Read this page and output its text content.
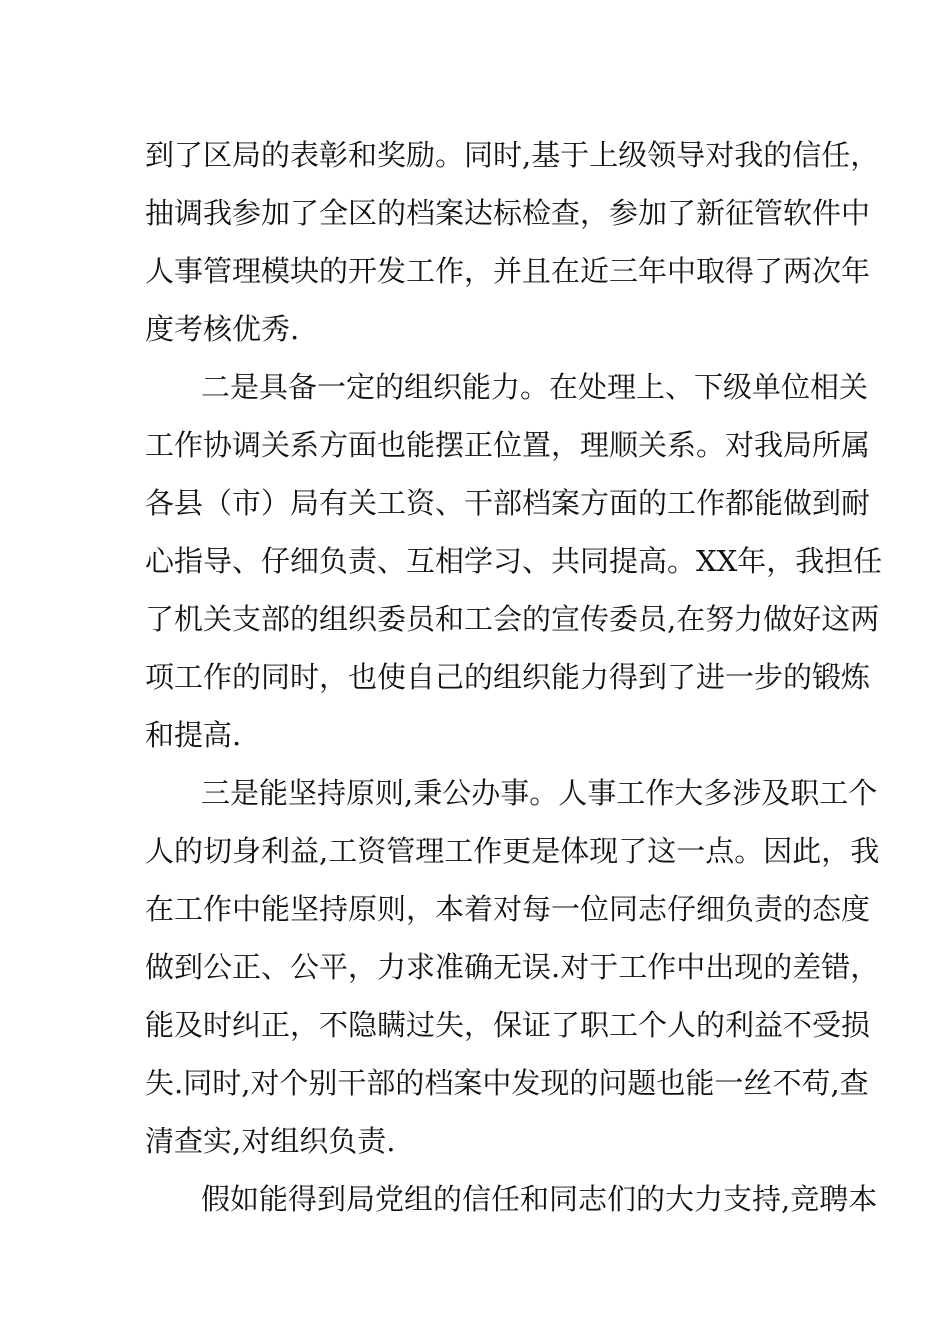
到了区局的表彰和奖励。同时,基于上级领导对我的信任，
抽调我参加了全区的档案达标检查，参加了新征管软件中
人事管理模块的开发工作，并且在近三年中取得了两次年
度考核优秀.
二是具备一定的组织能力。在处理上、下级单位相关
工作协调关系方面也能摆正位置，理顺关系。对我局所属
各县（市）局有关工资、干部档案方面的工作都能做到耐
心指导、仔细负责、互相学习、共同提高。XX年，我担任
了机关支部的组织委员和工会的宣传委员,在努力做好这两
项工作的同时，也使自己的组织能力得到了进一步的锻炼
和提高.
三是能坚持原则,秉公办事。人事工作大多涉及职工个
人的切身利益,工资管理工作更是体现了这一点。因此，我
在工作中能坚持原则，本着对每一位同志仔细负责的态度
做到公正、公平，力求准确无误.对于工作中出现的差错，
能及时纠正，不隐瞒过失，保证了职工个人的利益不受损
失.同时,对个别干部的档案中发现的问题也能一丝不苟,查
清查实,对组织负责.
假如能得到局党组的信任和同志们的大力支持,竞聘本
